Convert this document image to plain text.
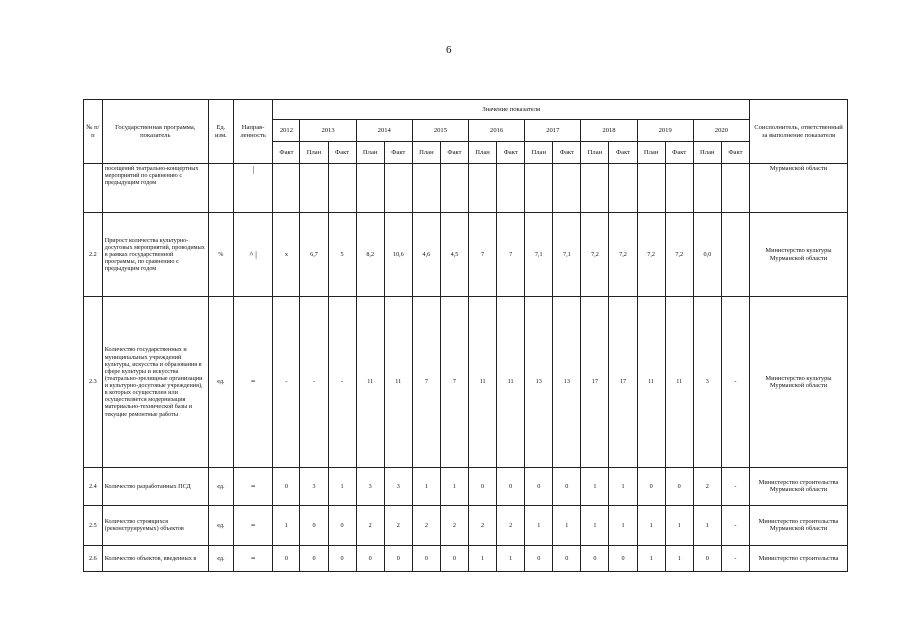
6
№ п/п	Государственная программа, показатель	Ед. изм.	Направ-ленность	Значение показателя																	Соисполнитель, ответственный за выполнение показателя
				2012	2013		2014		2015		2016		2017		2018		2019		2020		
				Факт	План	Факт	План	Факт	План	Факт	План	Факт	План	Факт	План	Факт	План	Факт	План	Факт	
	посещений театрально-концертных мероприятий по сравнению с предыдущим годом		|																		Мурманской области
2.2	Прирост количества культурно-досуговых мероприятий, проводимых в рамках государственной программы, по сравнению с предыдущим годом	%	^ |	х	6,7	5	8,2	10,6	4,6	4,5	7	7	7,1	7,1	7,2	7,2	7,2	7,2	0,0		Министерство культуры Мурманской области
2.3	Количество государственных и муниципальных учреждений культуры, искусства и образования в сфере культуры и искусства (театрально-зрелищные организации и культурно-досуговые учреждения), в которых осуществлен или осуществляется модернизация материально-технической базы и текущие ремонтные работы	ед.	=	-	-	-	11	11	7	7	11	11	13	13	17	17	11	11	3	-	Министерство культуры Мурманской области
2.4	Количество разработанных ПСД	ед.	=	0	3	1	3	3	1	1	0	0	0	0	1	1	0	0	2	-	Министерство строительства Мурманской области
2.5	Количество строящихся (реконструируемых) объектов	ед.	=	1	0	0	2	2	2	2	2	2	1	1	1	1	1	1	1	-	Министерство строительства Мурманской области
2.6	Количество объектов, введенных в	ед.	=	0	0	0	0	0	0	0	1	1	0	0	0	0	1	1	0	-	Министерство строительства
